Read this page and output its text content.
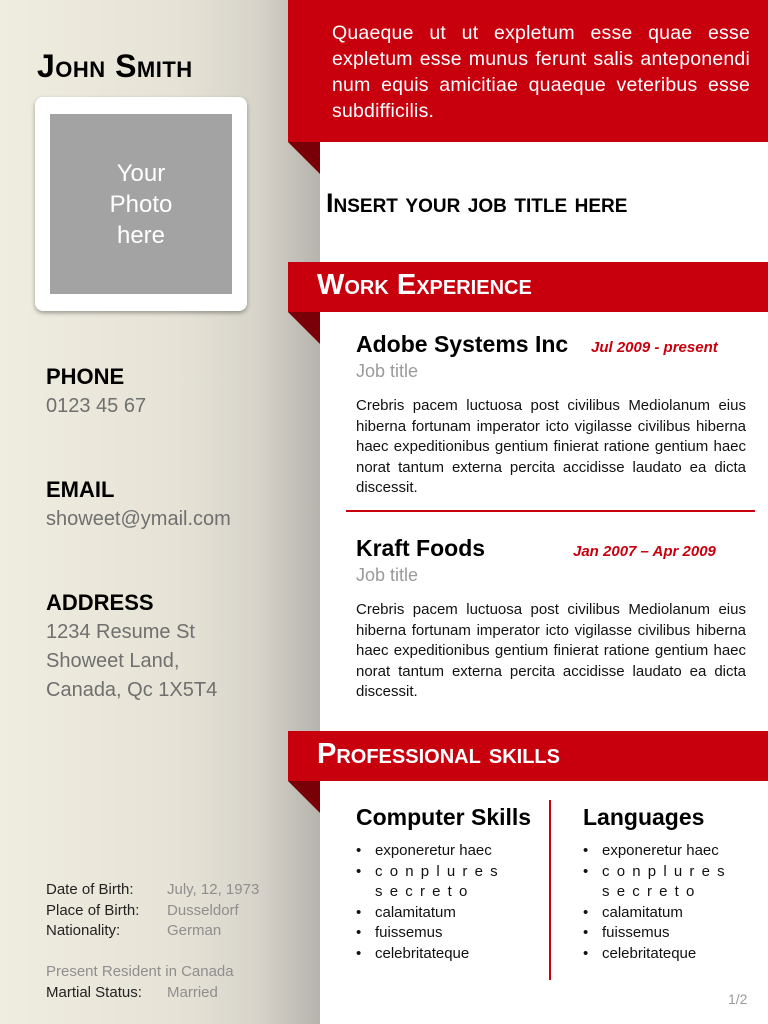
John Smith
Your
Photo
here
PHONE
0123 45 67
EMAIL
showeet@ymail.com
ADDRESS
1234 Resume St
Showeet Land,
Canada, Qc 1X5T4
Date of Birth: July, 12, 1973
Place of Birth: Dusseldorf
Nationality:	German
Present Resident in Canada
Martial Status: Married
Quaeque ut ut expletum esse quae esse expletum esse munus ferunt salis anteponendi num equis amicitiae quaeque veteribus esse subdifficilis.
Insert your job title here
Work Experience
Adobe Systems Inc Jul 2009 - present
Job title
Crebris pacem luctuosa post civilibus Mediolanum eius hiberna fortunam imperator icto vigilasse civilibus hiberna haec expeditionibus gentium finierat ratione gentium haec norat tantum externa percita accidisse laudato ea dicta discessit.
Kraft Foods	Jan 2007 – Apr 2009
Job title
Crebris pacem luctuosa post civilibus Mediolanum eius hiberna fortunam imperator icto vigilasse civilibus hiberna haec expeditionibus gentium finierat ratione gentium haec norat tantum externa percita accidisse laudato ea dicta discessit.
Professional skills
Computer Skills
• exponeretur haec
• conplures secreto
• calamitatum
• fuissemus
• celebritateque
Languages
• exponeretur haec
• conplures secreto
• calamitatum
• fuissemus
• celebritateque
1/2
